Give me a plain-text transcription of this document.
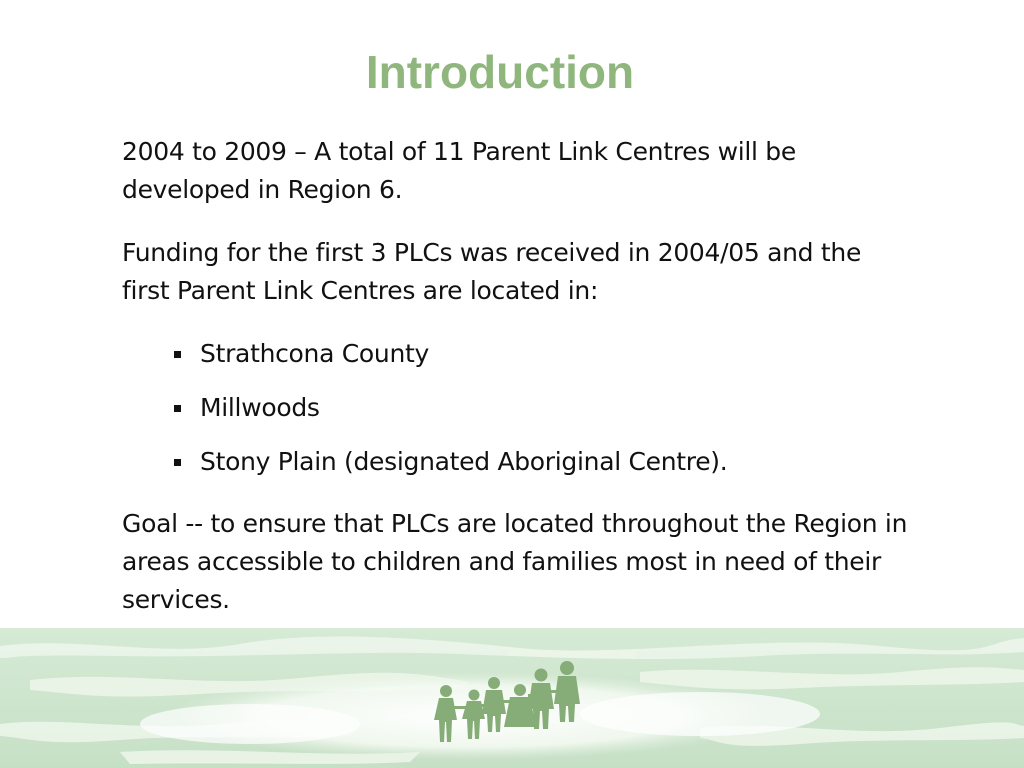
Introduction

2004 to 2009 – A total of 11 Parent Link Centres will be developed in Region 6.

Funding for the first 3 PLCs was received in 2004/05 and the first Parent Link Centres are located in:

Strathcona County
Millwoods
Stony Plain (designated Aboriginal Centre).

Goal -- to ensure that PLCs are located throughout the Region in areas accessible to children and families most in need of their services.
